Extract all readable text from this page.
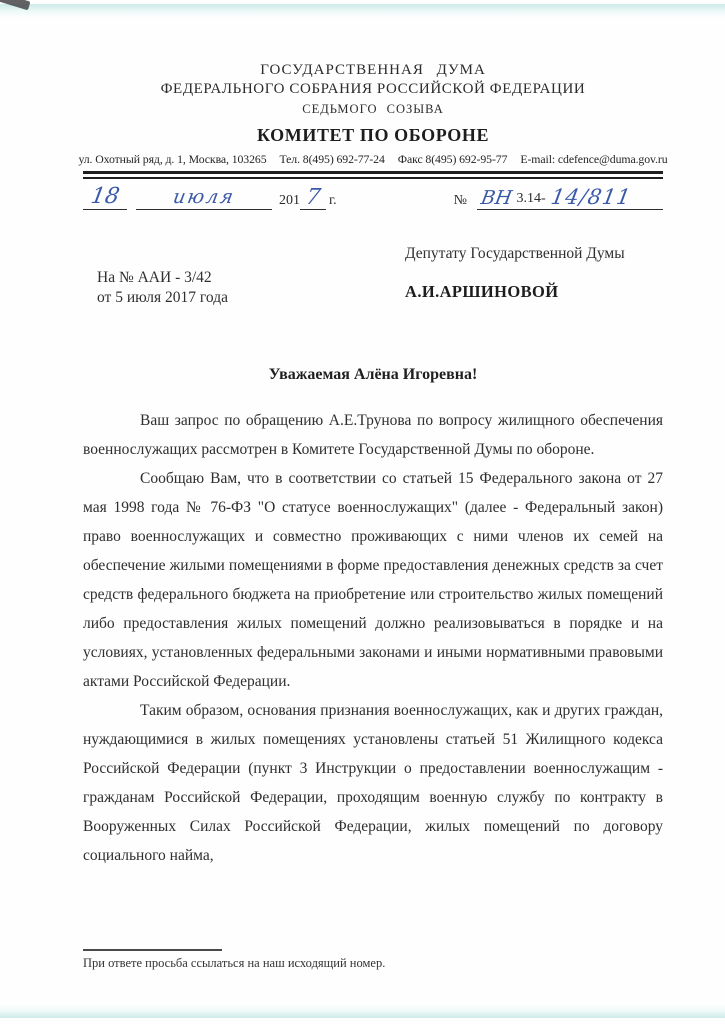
ГОСУДАРСТВЕННАЯ ДУМА
ФЕДЕРАЛЬНОГО СОБРАНИЯ РОССИЙСКОЙ ФЕДЕРАЦИИ
СЕДЬМОГО СОЗЫВА
КОМИТЕТ ПО ОБОРОНЕ
ул. Охотный ряд, д. 1, Москва, 103265 Тел. 8(495) 692-77-24 Факс 8(495) 692-95-77 E-mail: cdefence@duma.gov.ru
18	июля	201 7 г.	№ ВН 3.14- 14/811
Депутату Государственной Думы
На № ААИ - 3/42
от 5 июля 2017 года	А.И.АРШИНОВОЙ
Уважаемая Алёна Игоревна!

Ваш запрос по обращению А.Е.Трунова по вопросу жилищного обеспечения военнослужащих рассмотрен в Комитете Государственной Думы по обороне.

Сообщаю Вам, что в соответствии со статьей 15 Федерального закона от 27 мая 1998 года № 76-ФЗ "О статусе военнослужащих" (далее - Федеральный закон) право военнослужащих и совместно проживающих с ними членов их семей на обеспечение жилыми помещениями в форме предоставления денежных средств за счет средств федерального бюджета на приобретение или строительство жилых помещений либо предоставления жилых помещений должно реализовываться в порядке и на условиях, установленных федеральными законами и иными нормативными правовыми актами Российской Федерации.

Таким образом, основания признания военнослужащих, как и других граждан, нуждающимися в жилых помещениях установлены статьей 51 Жилищного кодекса Российской Федерации (пункт 3 Инструкции о предоставлении военнослужащим - гражданам Российской Федерации, проходящим военную службу по контракту в Вооруженных Силах Российской Федерации, жилых помещений по договору социального найма,

При ответе просьба ссылаться на наш исходящий номер.
